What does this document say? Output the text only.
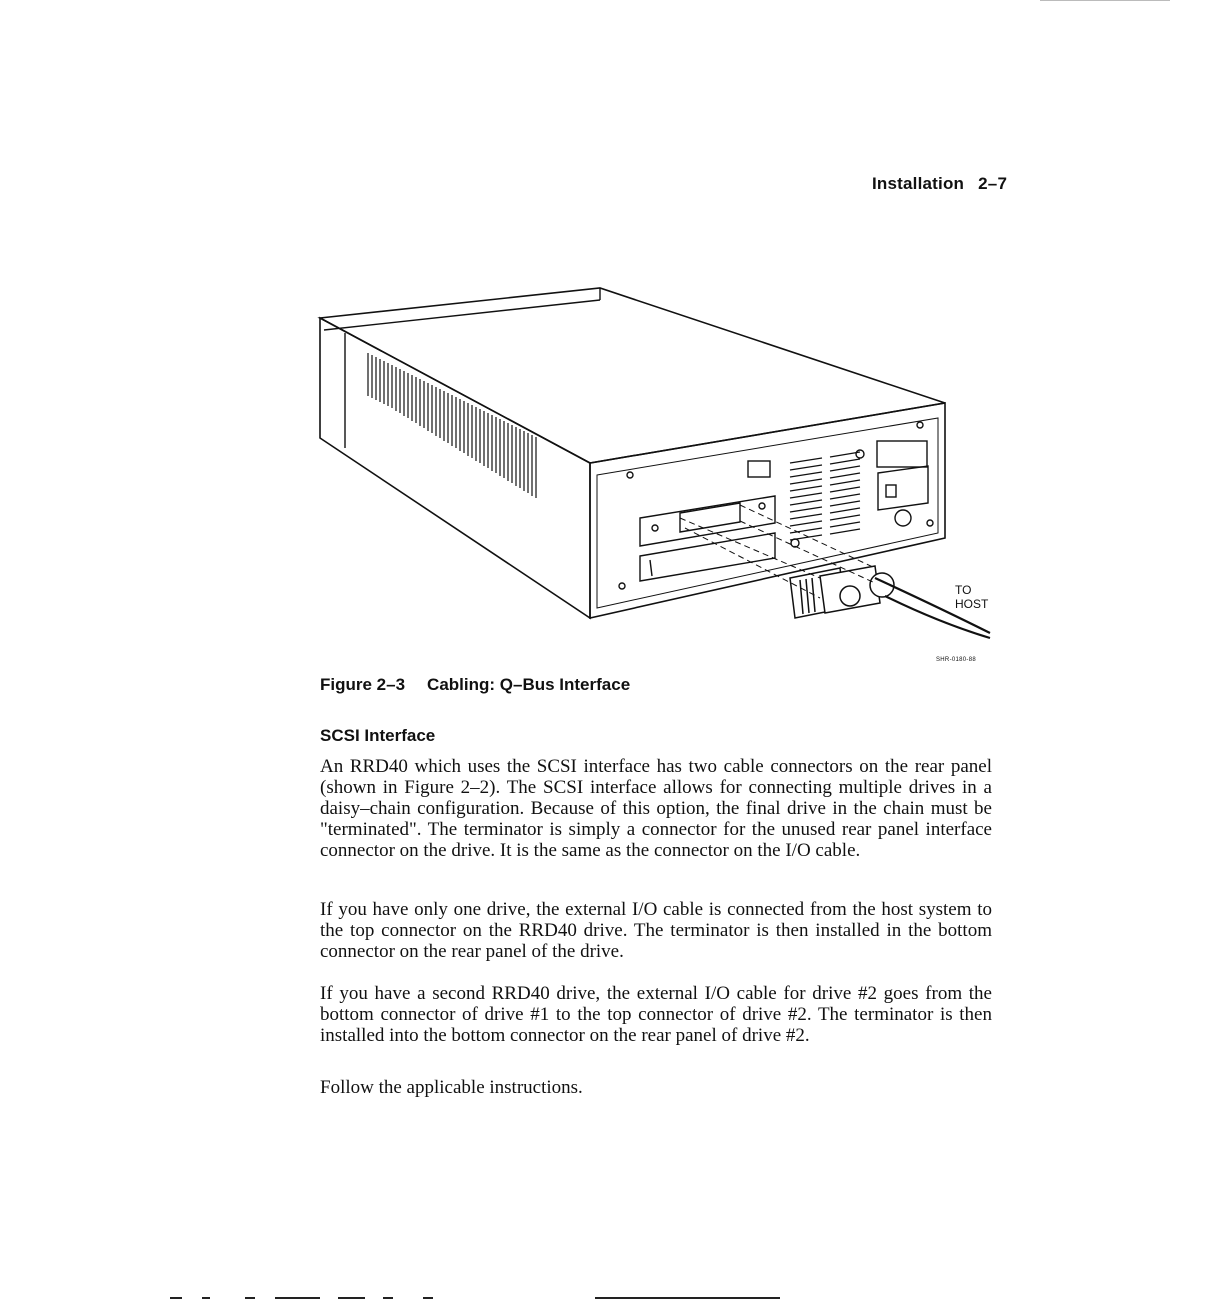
Installation 2–7
TO
HOST
SHR-0180-88
Figure 2–3 Cabling: Q–Bus Interface
SCSI Interface

An RRD40 which uses the SCSI interface has two cable connectors on the rear panel (shown in Figure 2–2). The SCSI interface allows for connecting multiple drives in a daisy–chain configuration. Because of this option, the final drive in the chain must be "terminated". The terminator is simply a connector for the unused rear panel interface connector on the drive. It is the same as the connector on the I/O cable.

If you have only one drive, the external I/O cable is connected from the host system to the top connector on the RRD40 drive. The terminator is then installed in the bottom connector on the rear panel of the drive.

If you have a second RRD40 drive, the external I/O cable for drive #2 goes from the bottom connector of drive #1 to the top connector of drive #2. The terminator is then installed into the bottom connector on the rear panel of drive #2.

Follow the applicable instructions.
